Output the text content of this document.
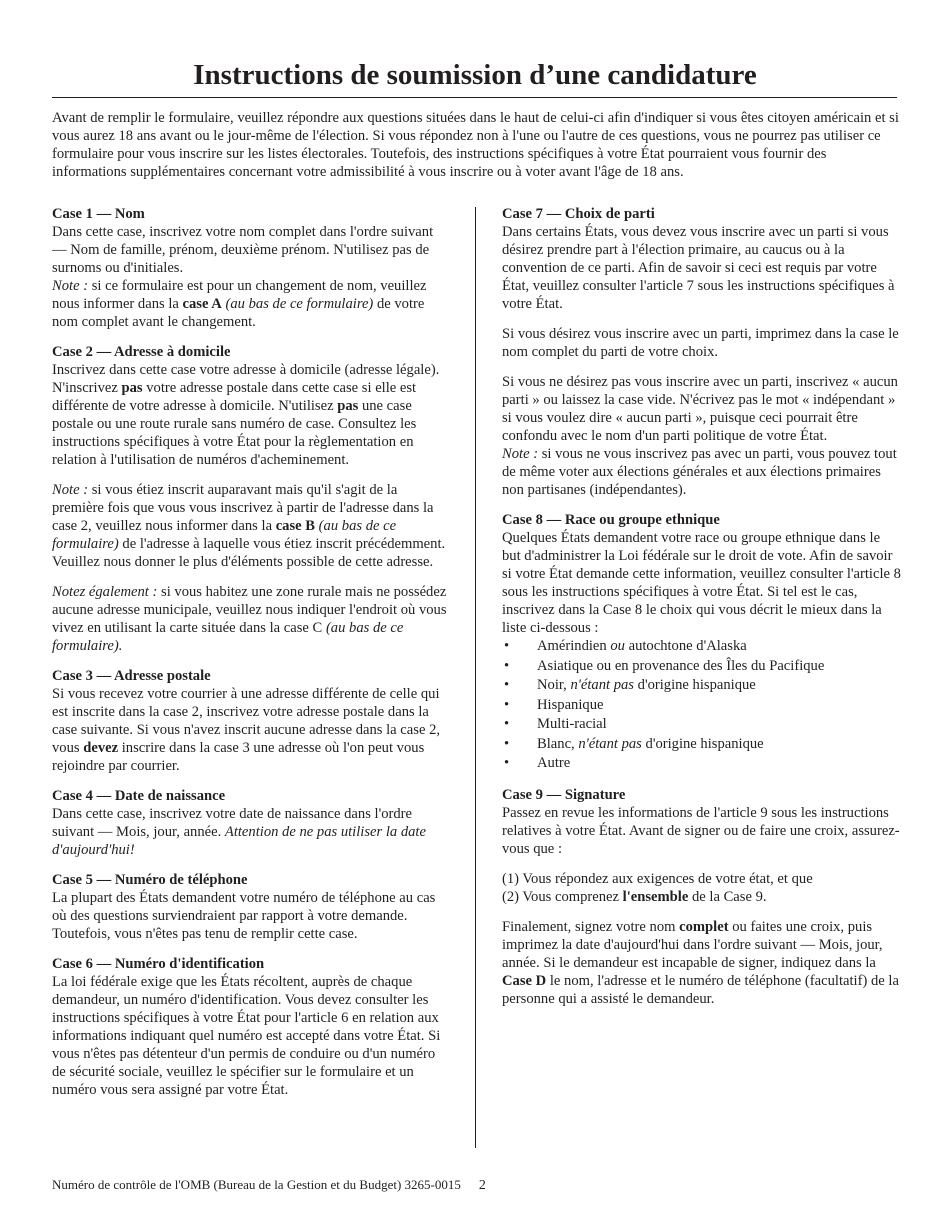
Instructions de soumission d’une candidature

Avant de remplir le formulaire, veuillez répondre aux questions situées dans le haut de celui-ci afin d'indiquer si vous êtes citoyen américain et si vous aurez 18 ans avant ou le jour-même de l'élection. Si vous répondez non à l'une ou l'autre de ces questions, vous ne pourrez pas utiliser ce formulaire pour vous inscrire sur les listes électorales. Toutefois, des instructions spécifiques à votre État pourraient vous fournir des informations supplémentaires concernant votre admissibilité à vous inscrire ou à voter avant l'âge de 18 ans.

Case 1 — Nom

Dans cette case, inscrivez votre nom complet dans l'ordre suivant — Nom de famille, prénom, deuxième prénom. N'utilisez pas de surnoms ou d'initiales.
Note : si ce formulaire est pour un changement de nom, veuillez nous informer dans la case A (au bas de ce formulaire) de votre nom complet avant le changement.

Case 2 — Adresse à domicile

Inscrivez dans cette case votre adresse à domicile (adresse légale). N'inscrivez pas votre adresse postale dans cette case si elle est différente de votre adresse à domicile. N'utilisez pas une case postale ou une route rurale sans numéro de case. Consultez les instructions spécifiques à votre État pour la règlementation en relation à l'utilisation de numéros d'acheminement.

Note : si vous étiez inscrit auparavant mais qu'il s'agit de la première fois que vous vous inscrivez à partir de l'adresse dans la case 2, veuillez nous informer dans la case B (au bas de ce formulaire) de l'adresse à laquelle vous étiez inscrit précédemment. Veuillez nous donner le plus d'éléments possible de cette adresse.

Notez également : si vous habitez une zone rurale mais ne possédez aucune adresse municipale, veuillez nous indiquer l'endroit où vous vivez en utilisant la carte située dans la case C (au bas de ce formulaire).

Case 3 — Adresse postale

Si vous recevez votre courrier à une adresse différente de celle qui est inscrite dans la case 2, inscrivez votre adresse postale dans la case suivante. Si vous n'avez inscrit aucune adresse dans la case 2, vous devez inscrire dans la case 3 une adresse où l'on peut vous rejoindre par courrier.

Case 4 — Date de naissance

Dans cette case, inscrivez votre date de naissance dans l'ordre suivant — Mois, jour, année. Attention de ne pas utiliser la date d'aujourd'hui!

Case 5 — Numéro de téléphone

La plupart des États demandent votre numéro de téléphone au cas où des questions surviendraient par rapport à votre demande. Toutefois, vous n'êtes pas tenu de remplir cette case.

Case 6 — Numéro d'identification

La loi fédérale exige que les États récoltent, auprès de chaque demandeur, un numéro d'identification. Vous devez consulter les instructions spécifiques à votre État pour l'article 6 en relation aux informations indiquant quel numéro est accepté dans votre État. Si vous n'êtes pas détenteur d'un permis de conduire ou d'un numéro de sécurité sociale, veuillez le spécifier sur le formulaire et un numéro vous sera assigné par votre État.

Case 7 — Choix de parti

Dans certains États, vous devez vous inscrire avec un parti si vous désirez prendre part à l'élection primaire, au caucus ou à la convention de ce parti. Afin de savoir si ceci est requis par votre État, veuillez consulter l'article 7 sous les instructions spécifiques à votre État.

Si vous désirez vous inscrire avec un parti, imprimez dans la case le nom complet du parti de votre choix.

Si vous ne désirez pas vous inscrire avec un parti, inscrivez « aucun parti » ou laissez la case vide. N'écrivez pas le mot « indépendant » si vous voulez dire « aucun parti », puisque ceci pourrait être confondu avec le nom d'un parti politique de votre État.
Note : si vous ne vous inscrivez pas avec un parti, vous pouvez tout de même voter aux élections générales et aux élections primaires non partisanes (indépendantes).

Case 8 — Race ou groupe ethnique

Quelques États demandent votre race ou groupe ethnique dans le but d'administrer la Loi fédérale sur le droit de vote. Afin de savoir si votre État demande cette information, veuillez consulter l'article 8 sous les instructions spécifiques à votre État. Si tel est le cas, inscrivez dans la Case 8 le choix qui vous décrit le mieux dans la liste ci-dessous :

• Amérindien ou autochtone d'Alaska
• Asiatique ou en provenance des Îles du Pacifique
• Noir, n'étant pas d'origine hispanique
• Hispanique
• Multi-racial
• Blanc, n'étant pas d'origine hispanique
• Autre
Case 9 — Signature

Passez en revue les informations de l'article 9 sous les instructions relatives à votre État. Avant de signer ou de faire une croix, assurez-vous que :

(1) Vous répondez aux exigences de votre état, et que
(2) Vous comprenez l'ensemble de la Case 9.

Finalement, signez votre nom complet ou faites une croix, puis imprimez la date d'aujourd'hui dans l'ordre suivant — Mois, jour, année. Si le demandeur est incapable de signer, indiquez dans la Case D le nom, l'adresse et le numéro de téléphone (facultatif) de la personne qui a assisté le demandeur.

Numéro de contrôle de l'OMB (Bureau de la Gestion et du Budget) 3265-0015 2
